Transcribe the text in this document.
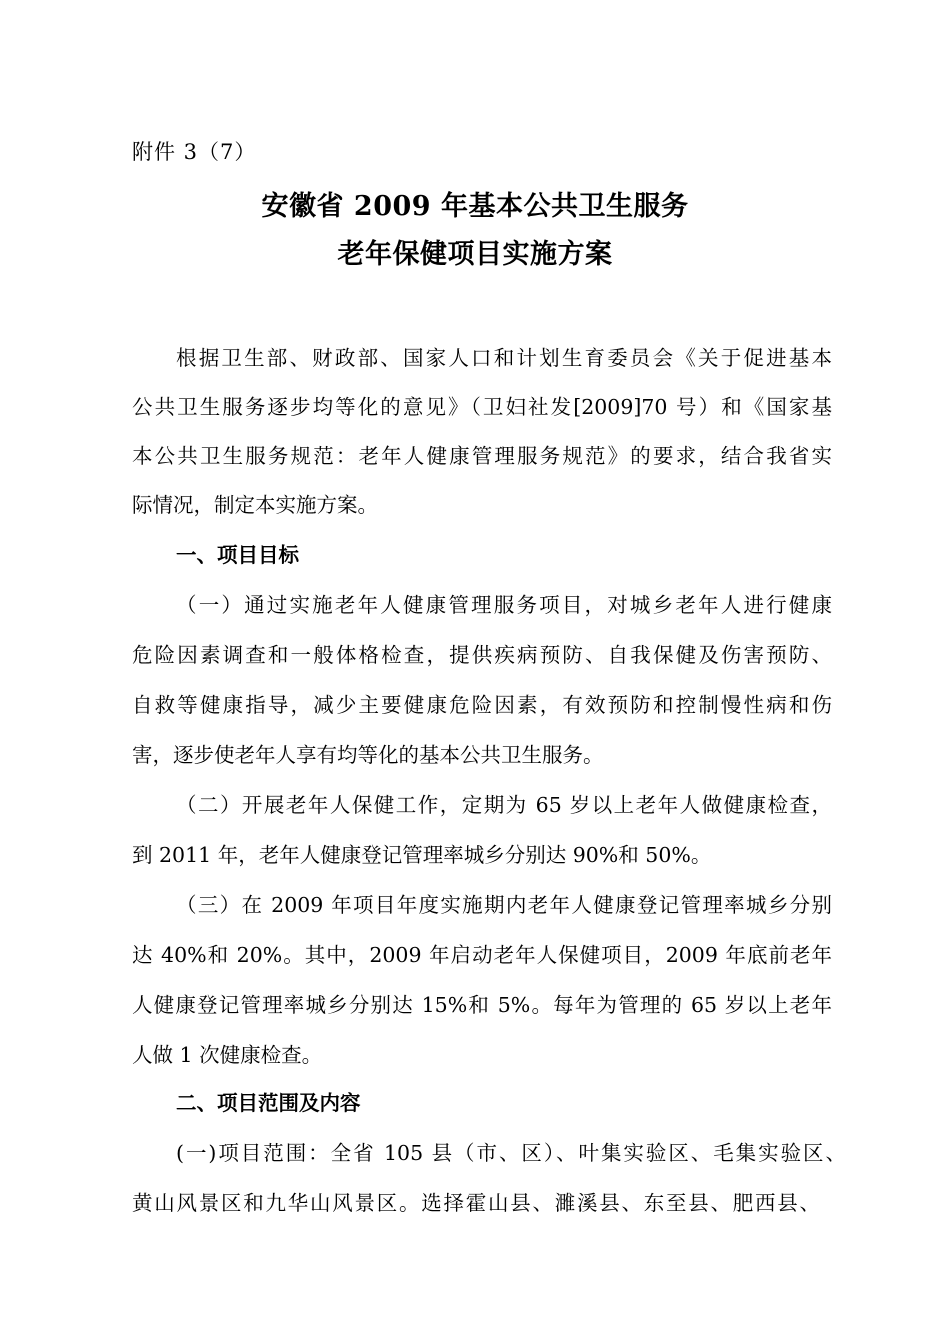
附件 3（7）
安徽省 2009 年基本公共卫生服务
老年保健项目实施方案
根据卫生部、财政部、国家人口和计划生育委员会《关于促进基本
公共卫生服务逐步均等化的意见》（卫妇社发[2009]70 号）和《国家基
本公共卫生服务规范：老年人健康管理服务规范》的要求，结合我省实
际情况，制定本实施方案。
一、项目目标
（一）通过实施老年人健康管理服务项目，对城乡老年人进行健康
危险因素调查和一般体格检查，提供疾病预防、自我保健及伤害预防、
自救等健康指导，减少主要健康危险因素，有效预防和控制慢性病和伤
害，逐步使老年人享有均等化的基本公共卫生服务。
（二）开展老年人保健工作，定期为 65 岁以上老年人做健康检查，
到 2011 年，老年人健康登记管理率城乡分别达 90%和 50%。
（三）在 2009 年项目年度实施期内老年人健康登记管理率城乡分别
达 40%和 20%。其中，2009 年启动老年人保健项目，2009 年底前老年
人健康登记管理率城乡分别达 15%和 5%。每年为管理的 65 岁以上老年
人做 1 次健康检查。
二、项目范围及内容
(一)项目范围：全省 105 县（市、区）、叶集实验区、毛集实验区、
黄山风景区和九华山风景区。选择霍山县、濉溪县、东至县、肥西县、
